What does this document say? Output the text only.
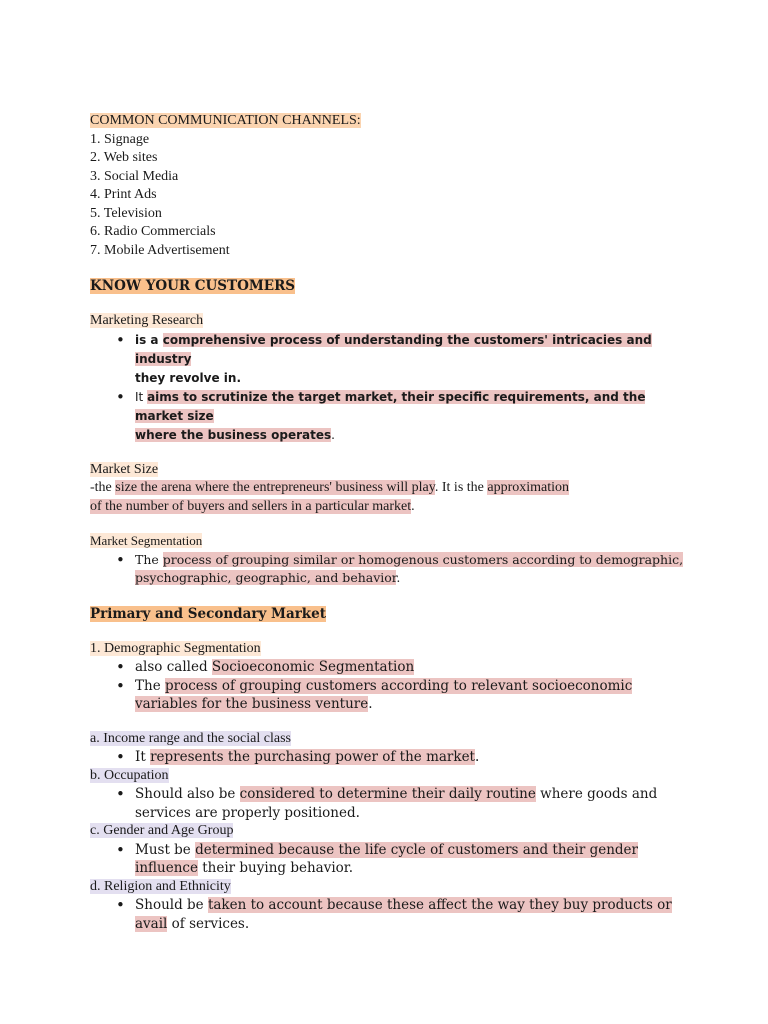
COMMON COMMUNICATION CHANNELS:
1. Signage
2. Web sites
3. Social Media
4. Print Ads
5. Television
6. Radio Commercials
7. Mobile Advertisement
KNOW YOUR CUSTOMERS
Marketing Research
• is a comprehensive process of understanding the customers' intricacies and industry
they revolve in.
• It aims to scrutinize the target market, their specific requirements, and the market size
where the business operates.
Market Size
-the size the arena where the entrepreneurs' business will play. It is the approximation
of the number of buyers and sellers in a particular market.
Market Segmentation
• The process of grouping similar or homogenous customers according to demographic,
psychographic, geographic, and behavior.
Primary and Secondary Market
1. Demographic Segmentation
• also called Socioeconomic Segmentation
• The process of grouping customers according to relevant socioeconomic
variables for the business venture.
a. Income range and the social class
• It represents the purchasing power of the market.
b. Occupation
• Should also be considered to determine their daily routine where goods and
services are properly positioned.
c. Gender and Age Group
• Must be determined because the life cycle of customers and their gender
influence their buying behavior.
d. Religion and Ethnicity
• Should be taken to account because these affect the way they buy products or
avail of services.
